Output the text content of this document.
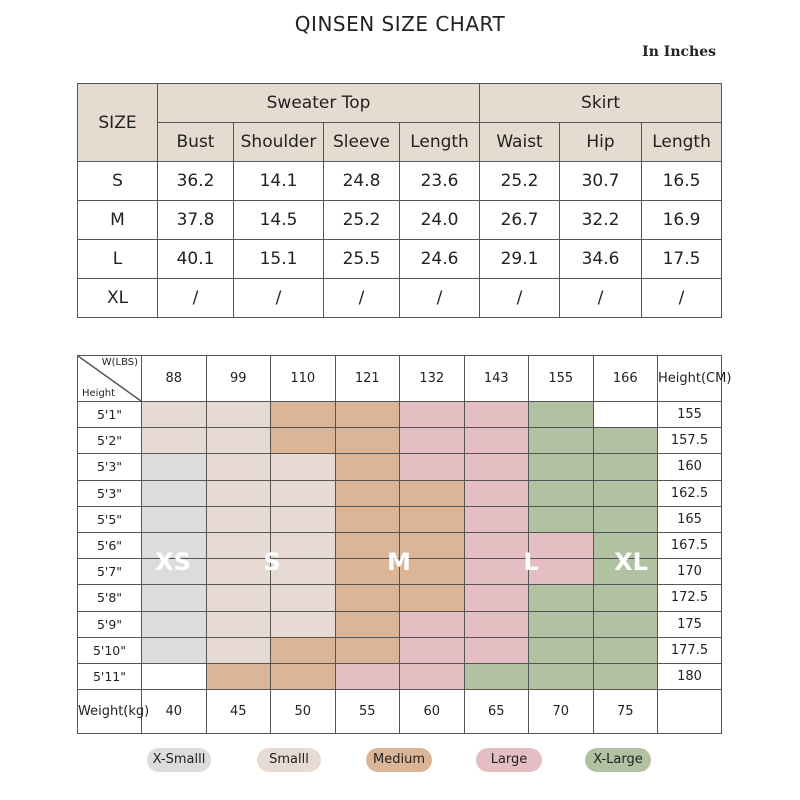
QINSEN SIZE CHART
In Inches
SIZE	Sweater Top				Skirt		
	Bust	Shoulder	Sleeve	Length	Waist	Hip	Length
S	36.2	14.1	24.8	23.6	25.2	30.7	16.5
M	37.8	14.5	25.2	24.0	26.7	32.2	16.9
L	40.1	15.1	25.5	24.6	29.1	34.6	17.5
XL	/	/	/	/	/	/	/
W(LBS)
Height	88	99	110	121	132	143	155	166	Height(CM)
5'1"									155
5'2"									157.5
5'3"									160
5'3"									162.5
5'5"									165
5'6"									167.5
5'7"									170
5'8"									172.5
5'9"									175
5'10"									177.5
5'11"									180
Weight(kg)	40	45	50	55	60	65	70	75	
XS	S	M	L	XL
X-Smalll	Smalll	Medium	Large	X-Large
